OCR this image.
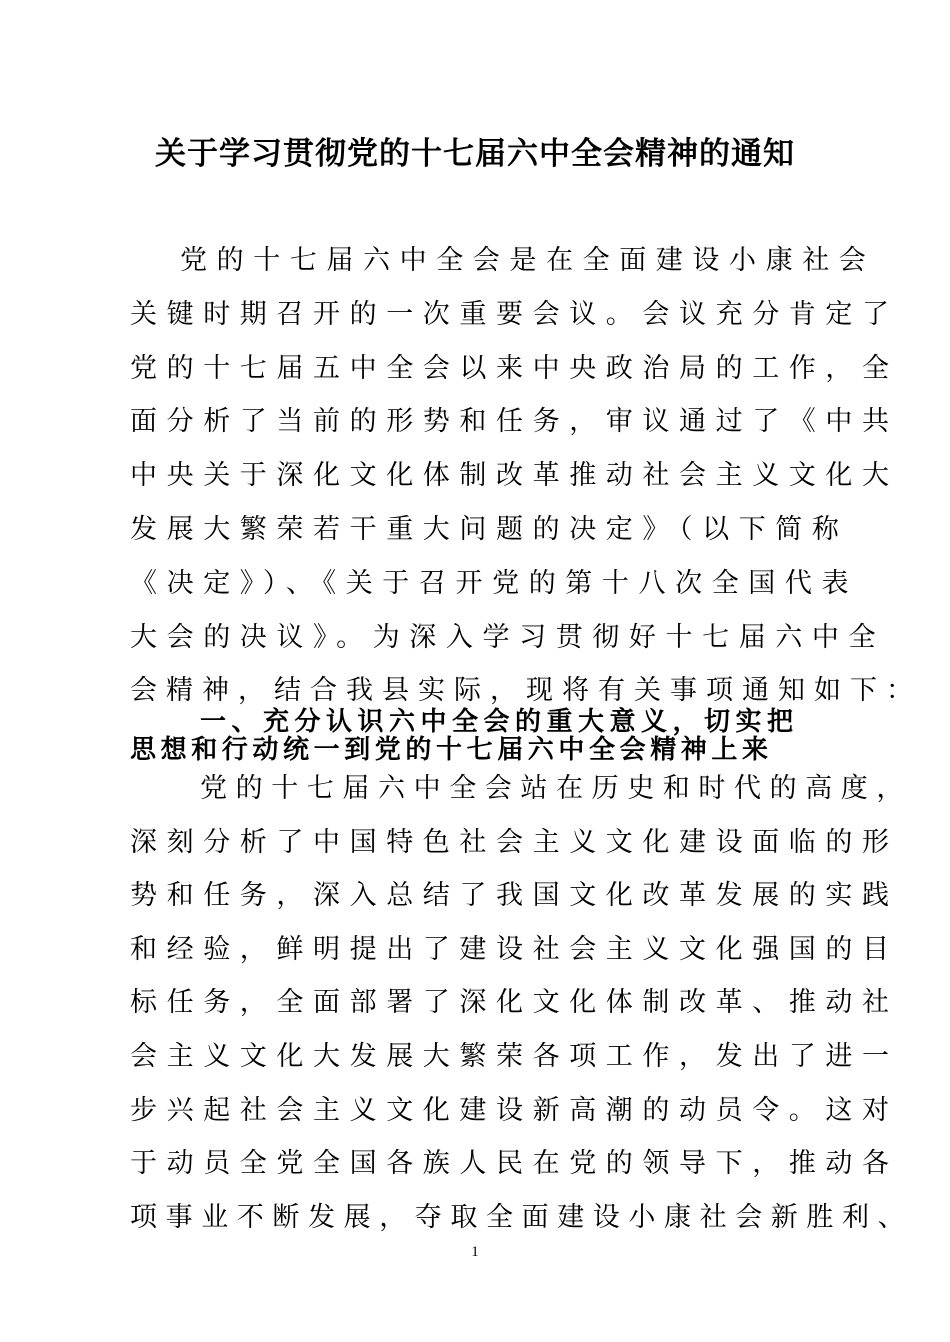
关于学习贯彻党的十七届六中全会精神的通知
党的十七届六中全会是在全面建设小康社会
关键时期召开的一次重要会议。会议充分肯定了
党的十七届五中全会以来中央政治局的工作，全
面分析了当前的形势和任务，审议通过了《中共
中央关于深化文化体制改革推动社会主义文化大
发展大繁荣若干重大问题的决定》（以下简称
《决定》）、《关于召开党的第十八次全国代表
大会的决议》。为深入学习贯彻好十七届六中全
会精神，结合我县实际，现将有关事项通知如下：
一、充分认识六中全会的重大意义，切实把
思想和行动统一到党的十七届六中全会精神上来
党的十七届六中全会站在历史和时代的高度，
深刻分析了中国特色社会主义文化建设面临的形
势和任务，深入总结了我国文化改革发展的实践
和经验，鲜明提出了建设社会主义文化强国的目
标任务，全面部署了深化文化体制改革、推动社
会主义文化大发展大繁荣各项工作，发出了进一
步兴起社会主义文化建设新高潮的动员令。这对
于动员全党全国各族人民在党的领导下，推动各
项事业不断发展，夺取全面建设小康社会新胜利、
1
